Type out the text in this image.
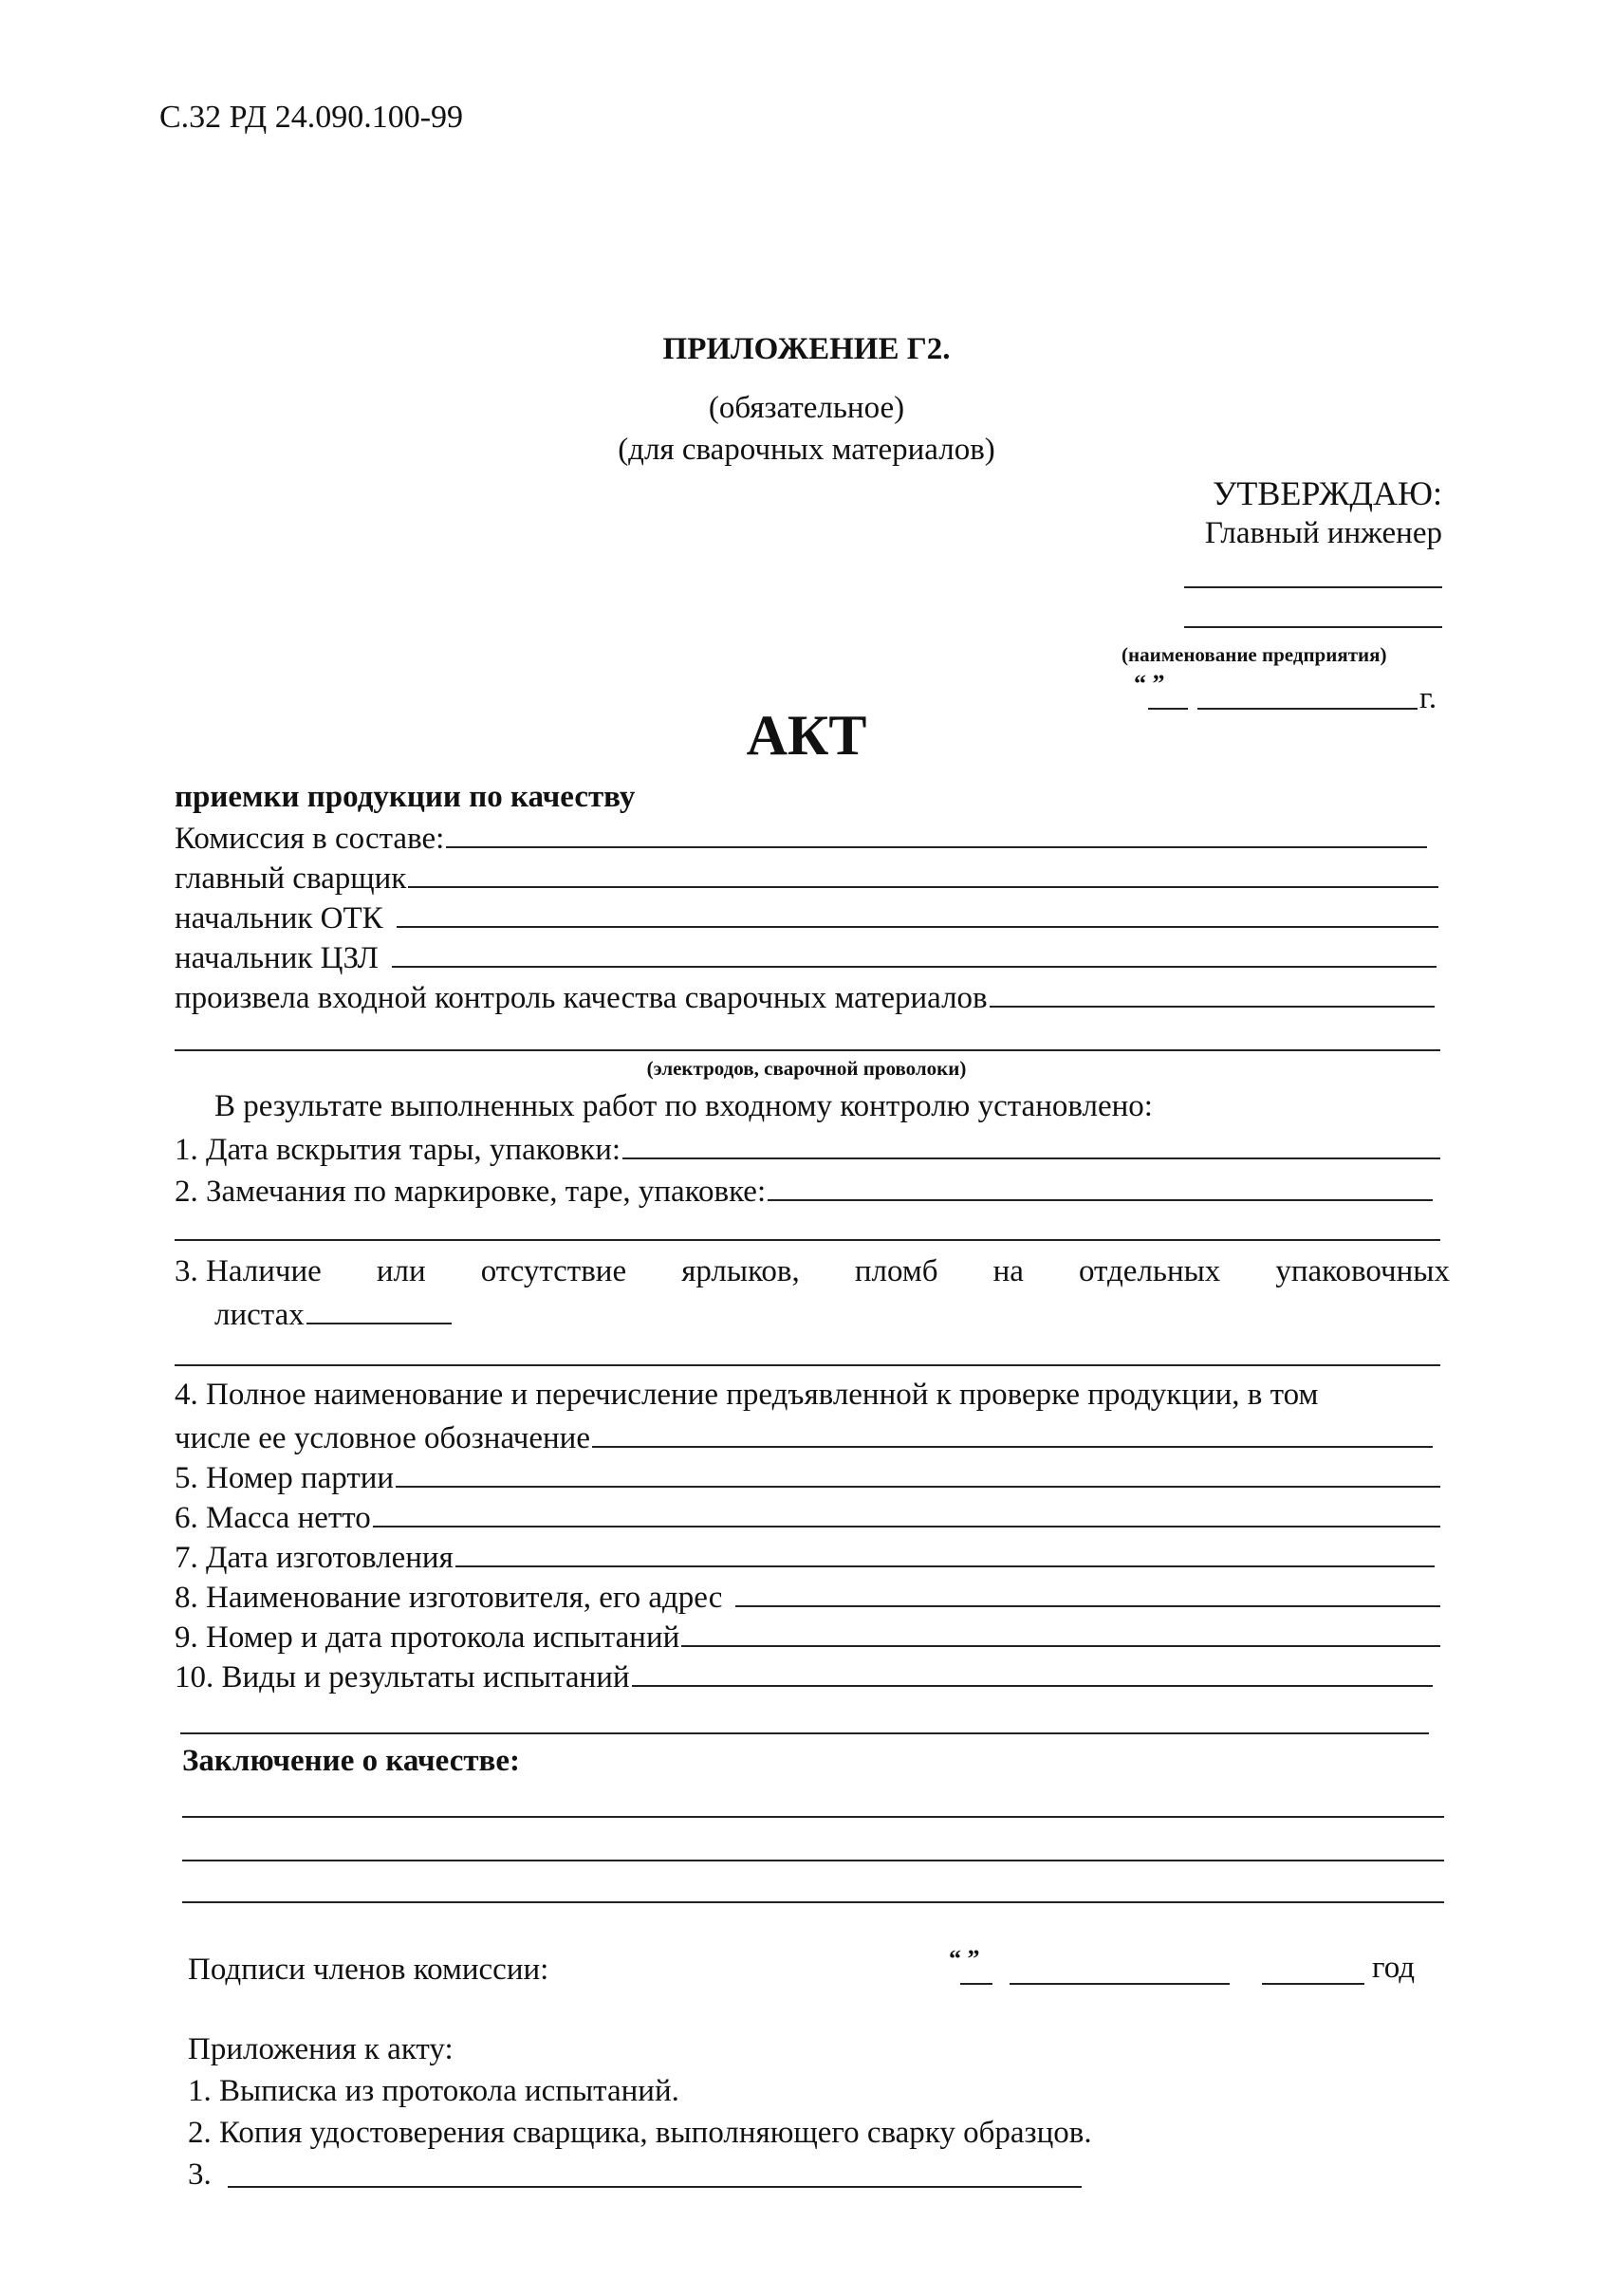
С.32 РД 24.090.100-99
ПРИЛОЖЕНИЕ Г2.
(обязательное)
(для сварочных материалов)
УТВЕРЖДАЮ:
Главный инженер
(наименование предприятия)
“ ”	г.
АКТ
приемки продукции по качеству
Комиссия в составе:
главный сварщик
начальник ОТК
начальник ЦЗЛ
произвела входной контроль качества сварочных материалов
(электродов, сварочной проволоки)
В результате выполненных работ по входному контролю установлено:
1. Дата вскрытия тары, упаковки:
2. Замечания по маркировке, таре, упаковке:
3. Наличие или отсутствие ярлыков, пломб на отдельных упаковочных
листах
4. Полное наименование и перечисление предъявленной к проверке продукции, в том
числе ее условное обозначение
5. Номер партии
6. Масса нетто
7. Дата изготовления
8. Наименование изготовителя, его адрес
9. Номер и дата протокола испытаний
10. Виды и результаты испытаний
Заключение о качестве:
Подписи членов комиссии:	“ ”	год
Приложения к акту:
1. Выписка из протокола испытаний.
2. Копия удостоверения сварщика, выполняющего сварку образцов.
3.
